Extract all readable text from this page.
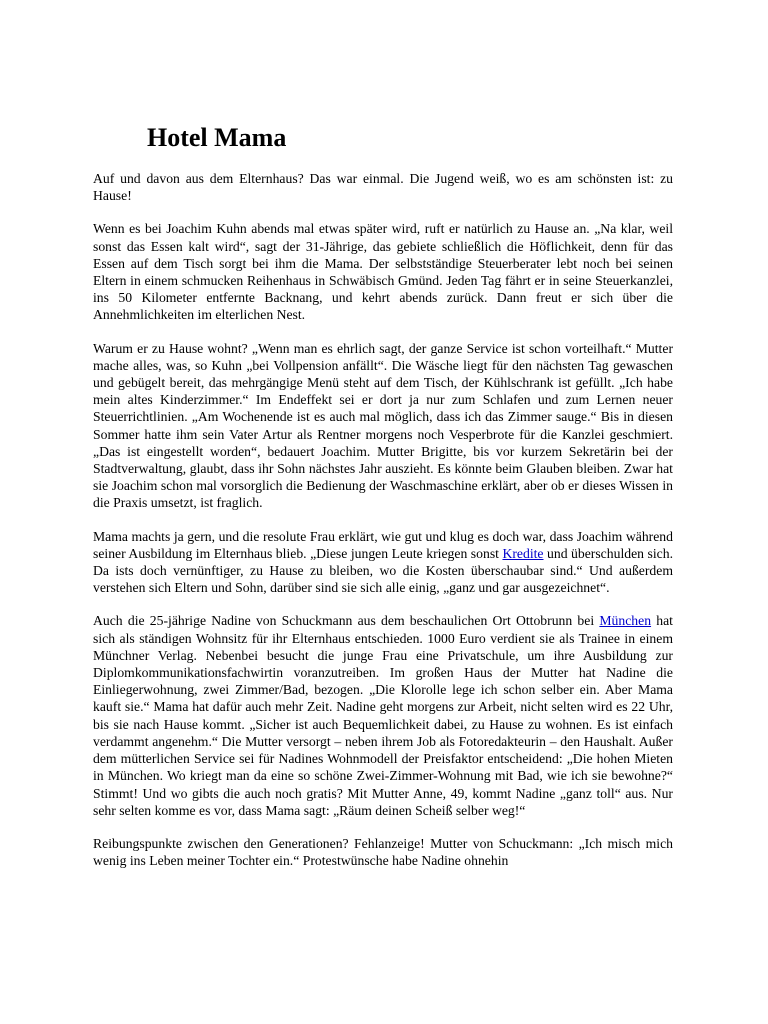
Hotel Mama

Auf und davon aus dem Elternhaus? Das war einmal. Die Jugend weiß, wo es am schönsten ist: zu Hause!

Wenn es bei Joachim Kuhn abends mal etwas später wird, ruft er natürlich zu Hause an. „Na klar, weil sonst das Essen kalt wird“, sagt der 31-Jährige, das gebiete schließlich die Höflichkeit, denn für das Essen auf dem Tisch sorgt bei ihm die Mama. Der selbstständige Steuerberater lebt noch bei seinen Eltern in einem schmucken Reihenhaus in Schwäbisch Gmünd. Jeden Tag fährt er in seine Steuerkanzlei, ins 50 Kilometer entfernte Backnang, und kehrt abends zurück. Dann freut er sich über die Annehmlichkeiten im elterlichen Nest.

Warum er zu Hause wohnt? „Wenn man es ehrlich sagt, der ganze Service ist schon vorteilhaft.“ Mutter mache alles, was, so Kuhn „bei Vollpension anfällt“. Die Wäsche liegt für den nächsten Tag gewaschen und gebügelt bereit, das mehrgängige Menü steht auf dem Tisch, der Kühlschrank ist gefüllt. „Ich habe mein altes Kinderzimmer.“ Im Endeffekt sei er dort ja nur zum Schlafen und zum Lernen neuer Steuerrichtlinien. „Am Wochenende ist es auch mal möglich, dass ich das Zimmer sauge.“ Bis in diesen Sommer hatte ihm sein Vater Artur als Rentner morgens noch Vesperbrote für die Kanzlei geschmiert. „Das ist eingestellt worden“, bedauert Joachim. Mutter Brigitte, bis vor kurzem Sekretärin bei der Stadtverwaltung, glaubt, dass ihr Sohn nächstes Jahr auszieht. Es könnte beim Glauben bleiben. Zwar hat sie Joachim schon mal vorsorglich die Bedienung der Waschmaschine erklärt, aber ob er dieses Wissen in die Praxis umsetzt, ist fraglich.

Mama machts ja gern, und die resolute Frau erklärt, wie gut und klug es doch war, dass Joachim während seiner Ausbildung im Elternhaus blieb. „Diese jungen Leute kriegen sonst Kredite und überschulden sich. Da ists doch vernünftiger, zu Hause zu bleiben, wo die Kosten überschaubar sind.“ Und außerdem verstehen sich Eltern und Sohn, darüber sind sie sich alle einig, „ganz und gar ausgezeichnet“.

Auch die 25-jährige Nadine von Schuckmann aus dem beschaulichen Ort Ottobrunn bei München hat sich als ständigen Wohnsitz für ihr Elternhaus entschieden. 1000 Euro verdient sie als Trainee in einem Münchner Verlag. Nebenbei besucht die junge Frau eine Privatschule, um ihre Ausbildung zur Diplomkommunikationsfachwirtin voranzutreiben. Im großen Haus der Mutter hat Nadine die Einliegerwohnung, zwei Zimmer/Bad, bezogen. „Die Klorolle lege ich schon selber ein. Aber Mama kauft sie.“ Mama hat dafür auch mehr Zeit. Nadine geht morgens zur Arbeit, nicht selten wird es 22 Uhr, bis sie nach Hause kommt. „Sicher ist auch Bequemlichkeit dabei, zu Hause zu wohnen. Es ist einfach verdammt angenehm.“ Die Mutter versorgt – neben ihrem Job als Fotoredakteurin – den Haushalt. Außer dem mütterlichen Service sei für Nadines Wohnmodell der Preisfaktor entscheidend: „Die hohen Mieten in München. Wo kriegt man da eine so schöne Zwei-Zimmer-Wohnung mit Bad, wie ich sie bewohne?“ Stimmt! Und wo gibts die auch noch gratis? Mit Mutter Anne, 49, kommt Nadine „ganz toll“ aus. Nur sehr selten komme es vor, dass Mama sagt: „Räum deinen Scheiß selber weg!“

Reibungspunkte zwischen den Generationen? Fehlanzeige! Mutter von Schuckmann: „Ich misch mich wenig ins Leben meiner Tochter ein.“ Protestwünsche habe Nadine ohnehin
